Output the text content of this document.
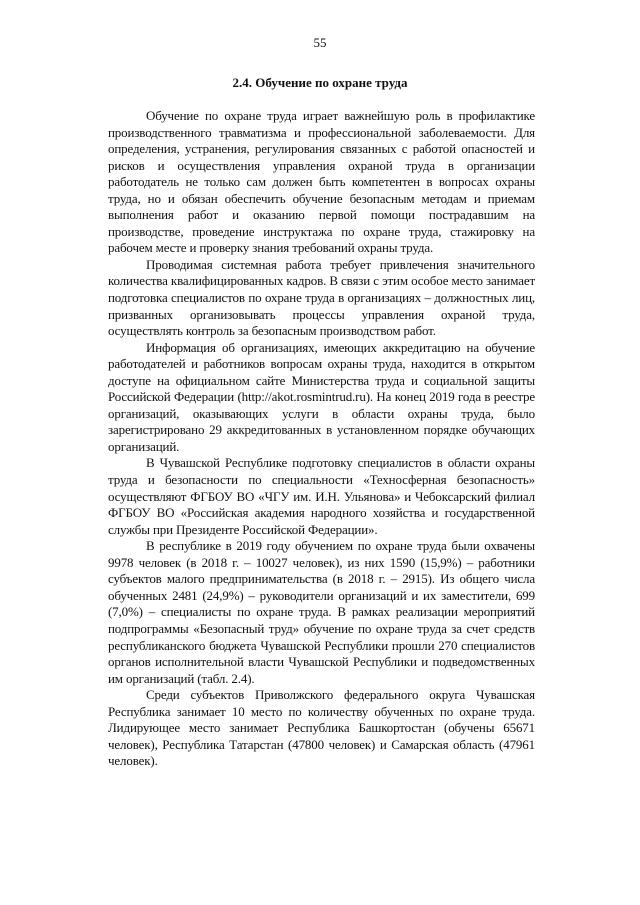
55
2.4. Обучение по охране труда

Обучение по охране труда играет важнейшую роль в профилактике производственного травматизма и профессиональной заболеваемости. Для определения, устранения, регулирования связанных с работой опасностей и рисков и осуществления управления охраной труда в организации работодатель не только сам должен быть компетентен в вопросах охраны труда, но и обязан обеспечить обучение безопасным методам и приемам выполнения работ и оказанию первой помощи пострадавшим на производстве, проведение инструктажа по охране труда, стажировку на рабочем месте и проверку знания требований охраны труда.

Проводимая системная работа требует привлечения значительного количества квалифицированных кадров. В связи с этим особое место занимает подготовка специалистов по охране труда в организациях – должностных лиц, призванных организовывать процессы управления охраной труда, осуществлять контроль за безопасным производством работ.

Информация об организациях, имеющих аккредитацию на обучение работодателей и работников вопросам охраны труда, находится в открытом доступе на официальном сайте Министерства труда и социальной защиты Российской Федерации (http://akot.rosmintrud.ru). На конец 2019 года в реестре организаций, оказывающих услуги в области охраны труда, было зарегистрировано 29 аккредитованных в установленном порядке обучающих организаций.

В Чувашской Республике подготовку специалистов в области охраны труда и безопасности по специальности «Техносферная безопасность» осуществляют ФГБОУ ВО «ЧГУ им. И.Н. Ульянова» и Чебоксарский филиал ФГБОУ ВО «Российская академия народного хозяйства и государственной службы при Президенте Российской Федерации».

В республике в 2019 году обучением по охране труда были охвачены 9978 человек (в 2018 г. – 10027 человек), из них 1590 (15,9%) – работники субъектов малого предпринимательства (в 2018 г. – 2915). Из общего числа обученных 2481 (24,9%) – руководители организаций и их заместители, 699 (7,0%) – специалисты по охране труда. В рамках реализации мероприятий подпрограммы «Безопасный труд» обучение по охране труда за счет средств республиканского бюджета Чувашской Республики прошли 270 специалистов органов исполнительной власти Чувашской Республики и подведомственных им организаций (табл. 2.4).

Среди субъектов Приволжского федерального округа Чувашская Республика занимает 10 место по количеству обученных по охране труда. Лидирующее место занимает Республика Башкортостан (обучены 65671 человек), Республика Татарстан (47800 человек) и Самарская область (47961 человек).
